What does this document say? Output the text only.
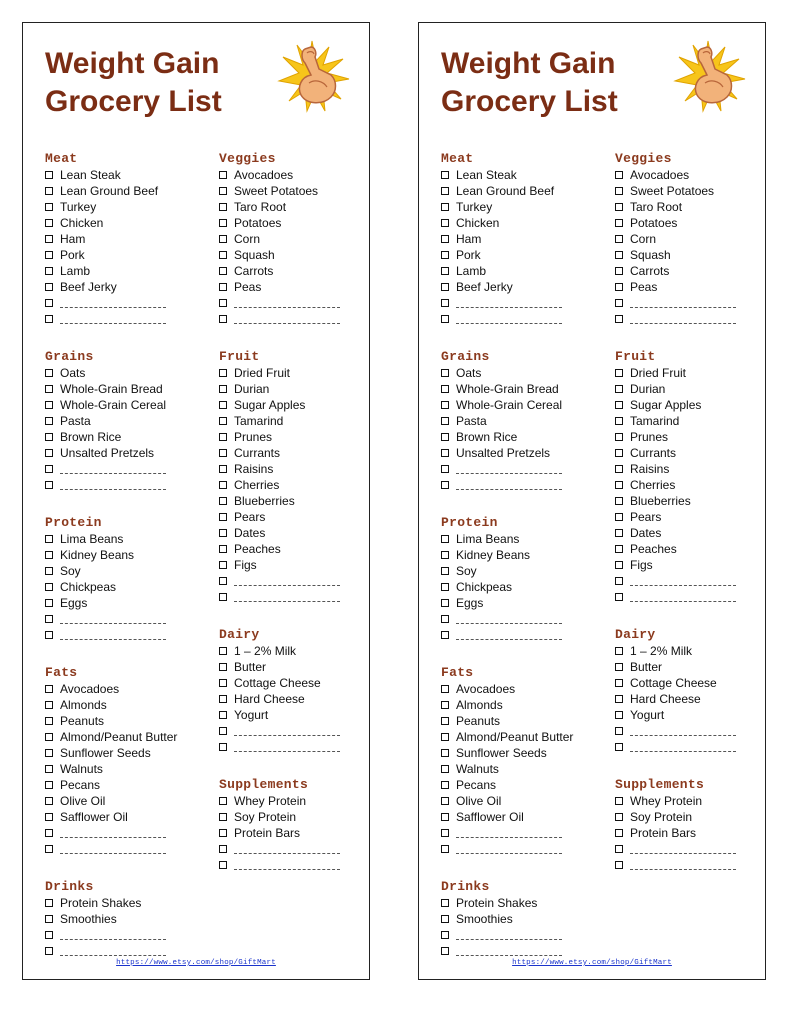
Weight Gain
Grocery List
Meat
Lean Steak
Lean Ground Beef
Turkey
Chicken
Ham
Pork
Lamb
Beef Jerky
Grains
Oats
Whole-Grain Bread
Whole-Grain Cereal
Pasta
Brown Rice
Unsalted Pretzels
Protein
Lima Beans
Kidney Beans
Soy
Chickpeas
Eggs
Fats
Avocadoes
Almonds
Peanuts
Almond/Peanut Butter
Sunflower Seeds
Walnuts
Pecans
Olive Oil
Safflower Oil
Drinks
Protein Shakes
Smoothies
Veggies
Avocadoes
Sweet Potatoes
Taro Root
Potatoes
Corn
Squash
Carrots
Peas
Fruit
Dried Fruit
Durian
Sugar Apples
Tamarind
Prunes
Currants
Raisins
Cherries
Blueberries
Pears
Dates
Peaches
Figs
Dairy
1 – 2% Milk
Butter
Cottage Cheese
Hard Cheese
Yogurt
Supplements
Whey Protein
Soy Protein
Protein Bars
https://www.etsy.com/shop/GiftMart
Weight Gain
Grocery List
Meat
Lean Steak
Lean Ground Beef
Turkey
Chicken
Ham
Pork
Lamb
Beef Jerky
Grains
Oats
Whole-Grain Bread
Whole-Grain Cereal
Pasta
Brown Rice
Unsalted Pretzels
Protein
Lima Beans
Kidney Beans
Soy
Chickpeas
Eggs
Fats
Avocadoes
Almonds
Peanuts
Almond/Peanut Butter
Sunflower Seeds
Walnuts
Pecans
Olive Oil
Safflower Oil
Drinks
Protein Shakes
Smoothies
Veggies
Avocadoes
Sweet Potatoes
Taro Root
Potatoes
Corn
Squash
Carrots
Peas
Fruit
Dried Fruit
Durian
Sugar Apples
Tamarind
Prunes
Currants
Raisins
Cherries
Blueberries
Pears
Dates
Peaches
Figs
Dairy
1 – 2% Milk
Butter
Cottage Cheese
Hard Cheese
Yogurt
Supplements
Whey Protein
Soy Protein
Protein Bars
https://www.etsy.com/shop/GiftMart
